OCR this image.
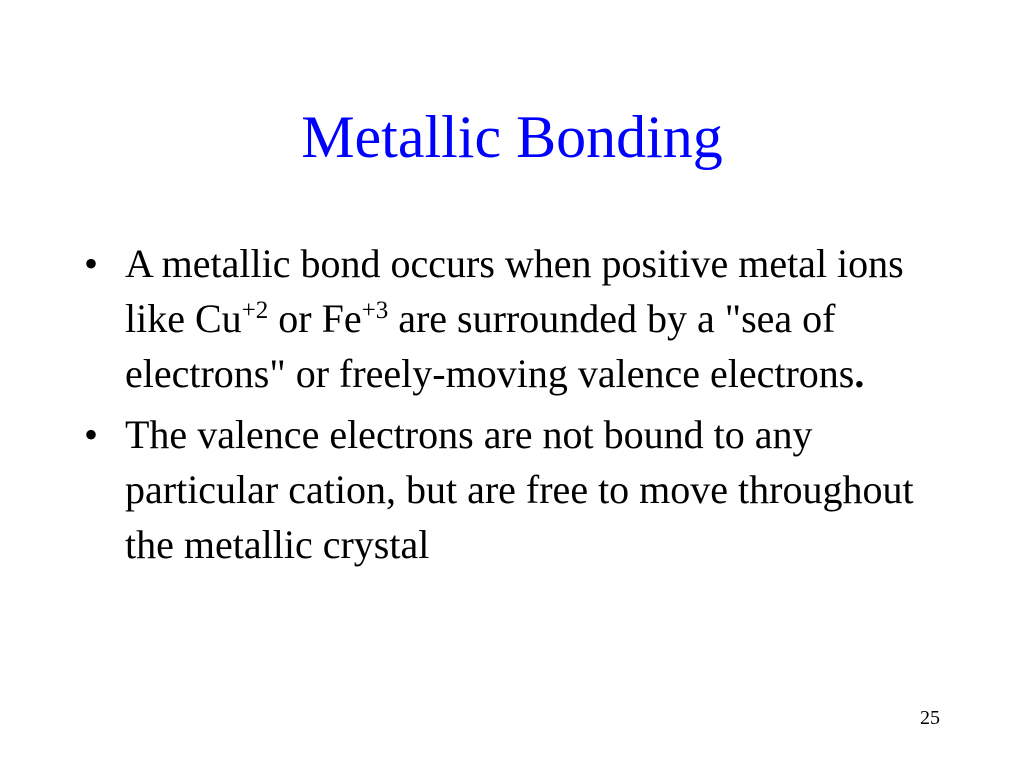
Metallic Bonding
• A metallic bond occurs when positive metal ions like $Cu^{+2}$ or $Fe^{+3}$ are surrounded by a "sea of electrons" or freely-moving valence electrons.
• The valence electrons are not bound to any particular cation, but are free to move throughout the metallic crystal
25
